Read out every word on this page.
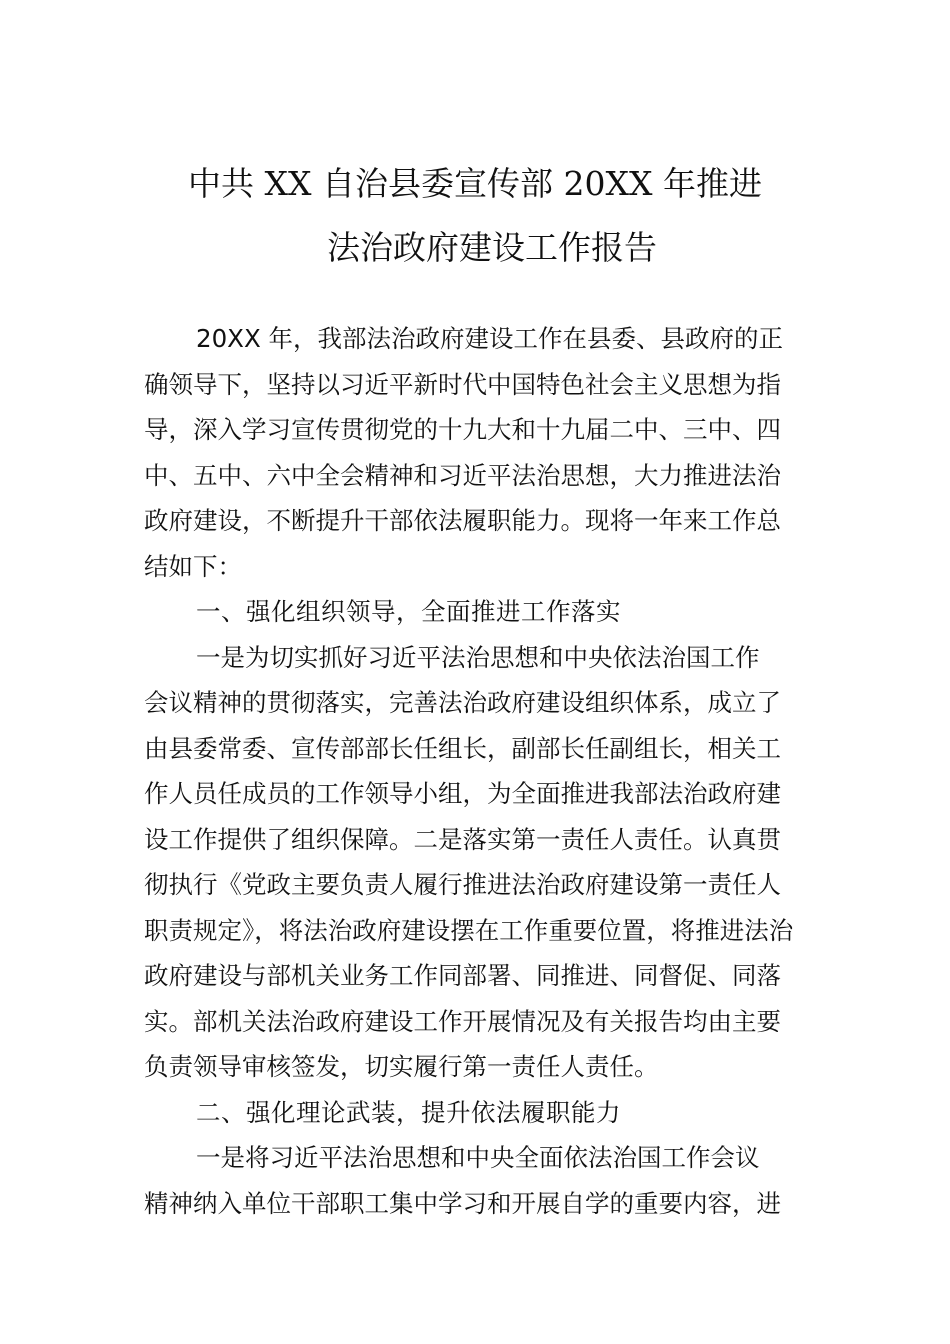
中共 XX 自治县委宣传部 20XX 年推进
法治政府建设工作报告
20XX 年，我部法治政府建设工作在县委、县政府的正
确领导下，坚持以习近平新时代中国特色社会主义思想为指
导，深入学习宣传贯彻党的十九大和十九届二中、三中、四
中、五中、六中全会精神和习近平法治思想，大力推进法治
政府建设，不断提升干部依法履职能力。现将一年来工作总
结如下：
一、强化组织领导，全面推进工作落实
一是为切实抓好习近平法治思想和中央依法治国工作
会议精神的贯彻落实，完善法治政府建设组织体系，成立了
由县委常委、宣传部部长任组长，副部长任副组长，相关工
作人员任成员的工作领导小组，为全面推进我部法治政府建
设工作提供了组织保障。二是落实第一责任人责任。认真贯
彻执行《党政主要负责人履行推进法治政府建设第一责任人
职责规定》，将法治政府建设摆在工作重要位置，将推进法治
政府建设与部机关业务工作同部署、同推进、同督促、同落
实。部机关法治政府建设工作开展情况及有关报告均由主要
负责领导审核签发，切实履行第一责任人责任。
二、强化理论武装，提升依法履职能力
一是将习近平法治思想和中央全面依法治国工作会议
精神纳入单位干部职工集中学习和开展自学的重要内容，进
